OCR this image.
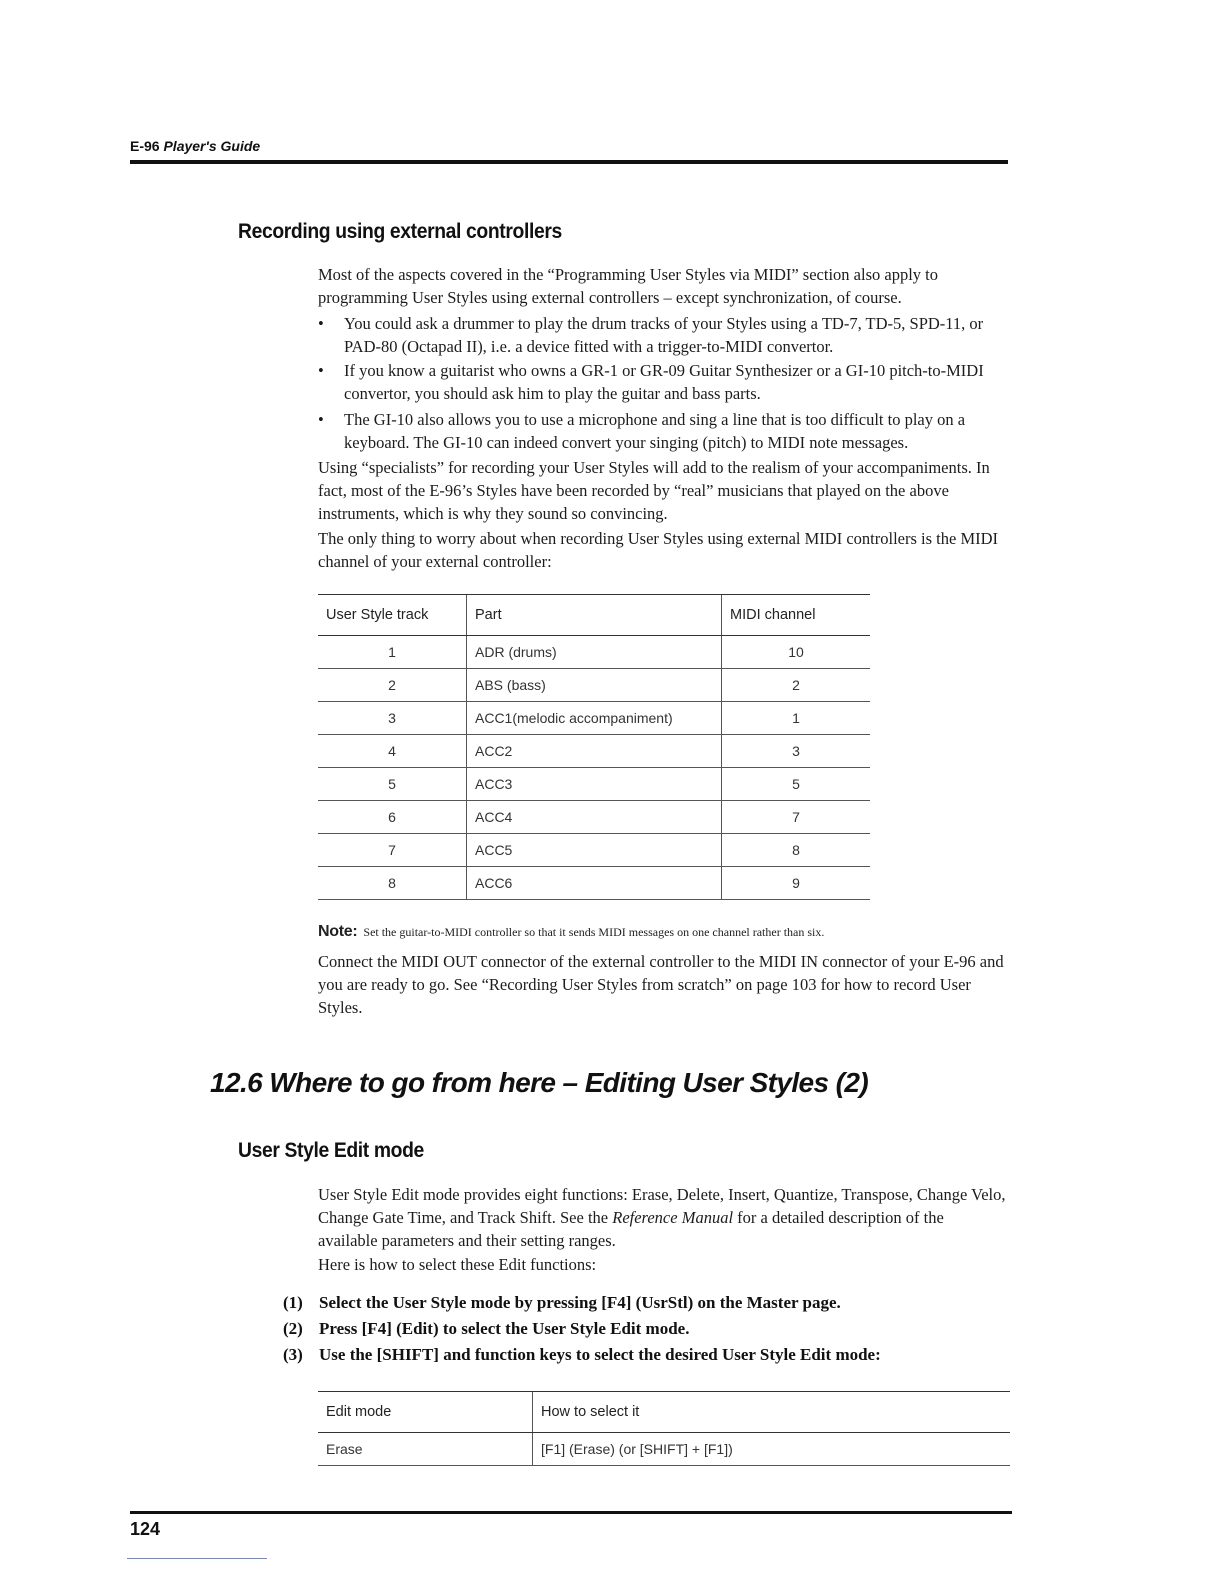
E-96 Player's Guide
Recording using external controllers

Most of the aspects covered in the “Programming User Styles via MIDI” section also apply to programming User Styles using external controllers – except synchronization, of course.

• You could ask a drummer to play the drum tracks of your Styles using a TD-7, TD-5, SPD-11, or PAD-80 (Octapad II), i.e. a device fitted with a trigger-to-MIDI convertor.

• If you know a guitarist who owns a GR-1 or GR-09 Guitar Synthesizer or a GI-10 pitch-to-MIDI convertor, you should ask him to play the guitar and bass parts.

• The GI-10 also allows you to use a microphone and sing a line that is too difficult to play on a keyboard. The GI-10 can indeed convert your singing (pitch) to MIDI note messages.

Using “specialists” for recording your User Styles will add to the realism of your accompaniments. In fact, most of the E-96’s Styles have been recorded by “real” musicians that played on the above instruments, which is why they sound so convincing.

The only thing to worry about when recording User Styles using external MIDI controllers is the MIDI channel of your external controller:

User Style track	Part	MIDI channel
1	ADR (drums)	10
2	ABS (bass)	2
3	ACC1(melodic accompaniment)	1
4	ACC2	3
5	ACC3	5
6	ACC4	7
7	ACC5	8
8	ACC6	9
Note: Set the guitar-to-MIDI controller so that it sends MIDI messages on one channel rather than six.

Connect the MIDI OUT connector of the external controller to the MIDI IN connector of your E-96 and you are ready to go. See “Recording User Styles from scratch” on page 103 for how to record User Styles.

12.6 Where to go from here – Editing User Styles (2)
User Style Edit mode

User Style Edit mode provides eight functions: Erase, Delete, Insert, Quantize, Transpose, Change Velo, Change Gate Time, and Track Shift. See the Reference Manual for a detailed description of the available parameters and their setting ranges.

Here is how to select these Edit functions:

(1) Select the User Style mode by pressing [F4] (UsrStl) on the Master page.
(2) Press [F4] (Edit) to select the User Style Edit mode.
(3) Use the [SHIFT] and function keys to select the desired User Style Edit mode:
Edit mode	How to select it
Erase	[F1] (Erase) (or [SHIFT] + [F1])
124
